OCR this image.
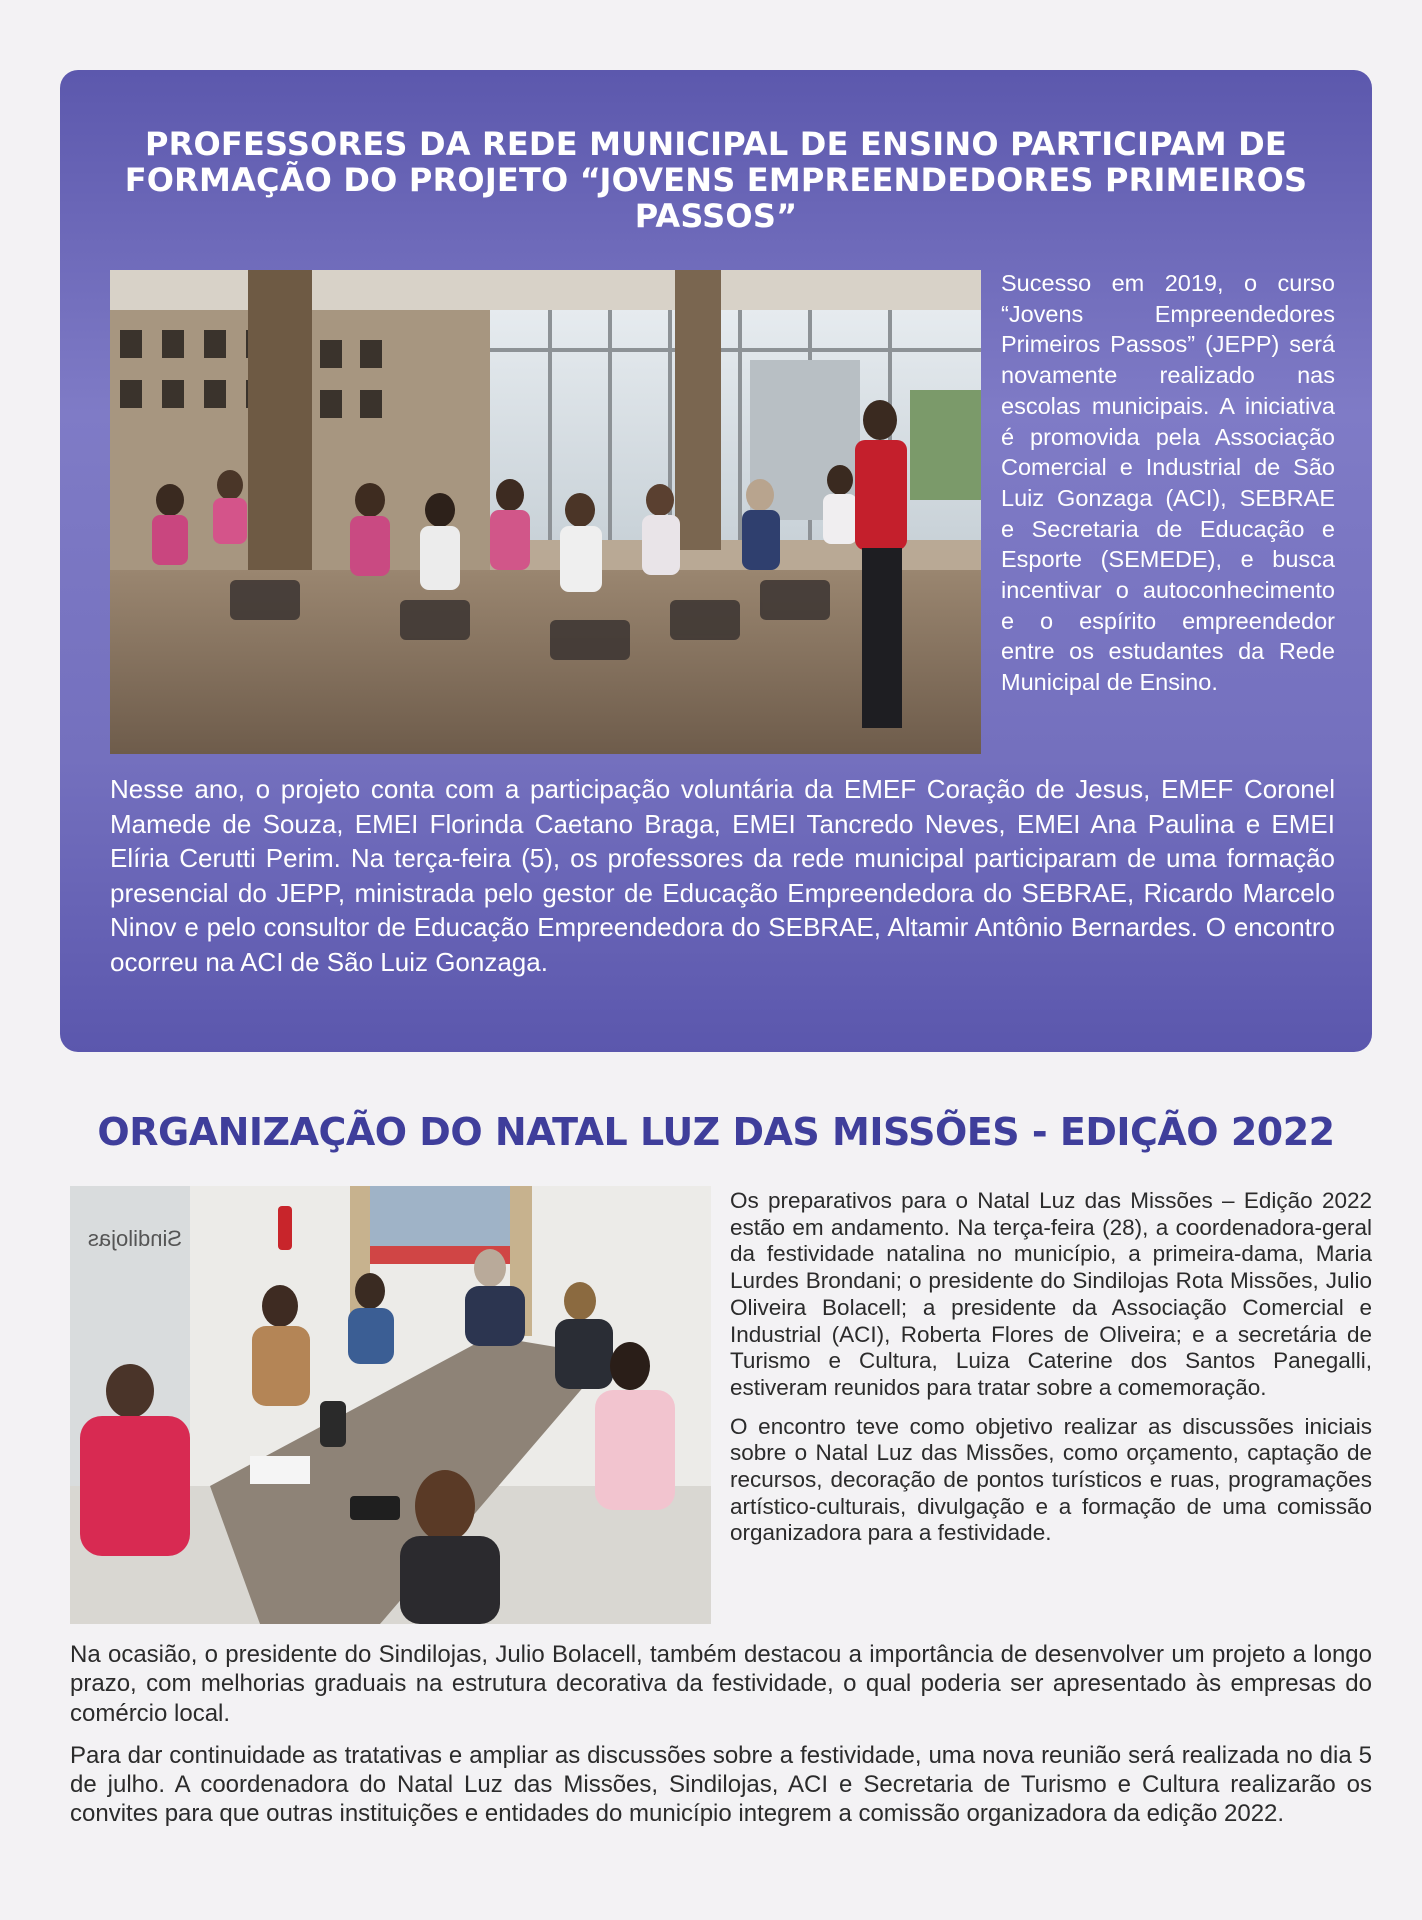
PROFESSORES DA REDE MUNICIPAL DE ENSINO PARTICIPAM DE FORMAÇÃO DO PROJETO “JOVENS EMPREENDEDORES PRIMEIROS PASSOS”

Sucesso em 2019, o curso “Jovens Empreendedores Primeiros Passos” (JEPP) será novamente realizado nas escolas municipais. A iniciativa é promovida pela Associação Comercial e Industrial de São Luiz Gonzaga (ACI), SEBRAE e Secretaria de Educação e Esporte (SEMEDE), e busca incentivar o autoconhecimento e o espírito empreendedor entre os estudantes da Rede Municipal de Ensino.

Nesse ano, o projeto conta com a participação voluntária da EMEF Coração de Jesus, EMEF Coronel Mamede de Souza, EMEI Florinda Caetano Braga, EMEI Tancredo Neves, EMEI Ana Paulina e EMEI Elíria Cerutti Perim. Na terça-feira (5), os professores da rede municipal participaram de uma formação presencial do JEPP, ministrada pelo gestor de Educação Empreendedora do SEBRAE, Ricardo Marcelo Ninov e pelo consultor de Educação Empreendedora do SEBRAE, Altamir Antônio Bernardes. O encontro ocorreu na ACI de São Luiz Gonzaga.

ORGANIZAÇÃO DO NATAL LUZ DAS MISSÕES - EDIÇÃO 2022
Sindilojas

Os preparativos para o Natal Luz das Missões – Edição 2022 estão em andamento. Na terça-feira (28), a coordenadora-geral da festividade natalina no município, a primeira-dama, Maria Lurdes Brondani; o presidente do Sindilojas Rota Missões, Julio Oliveira Bolacell; a presidente da Associação Comercial e Industrial (ACI), Roberta Flores de Oliveira; e a secretária de Turismo e Cultura, Luiza Caterine dos Santos Panegalli, estiveram reunidos para tratar sobre a comemoração.

O encontro teve como objetivo realizar as discussões iniciais sobre o Natal Luz das Missões, como orçamento, captação de recursos, decoração de pontos turísticos e ruas, programações artístico-culturais, divulgação e a formação de uma comissão organizadora para a festividade.

Na ocasião, o presidente do Sindilojas, Julio Bolacell, também destacou a importância de desenvolver um projeto a longo prazo, com melhorias graduais na estrutura decorativa da festividade, o qual poderia ser apresentado às empresas do comércio local.

Para dar continuidade as tratativas e ampliar as discussões sobre a festividade, uma nova reunião será realizada no dia 5 de julho. A coordenadora do Natal Luz das Missões, Sindilojas, ACI e Secretaria de Turismo e Cultura realizarão os convites para que outras instituições e entidades do município integrem a comissão organizadora da edição 2022.
